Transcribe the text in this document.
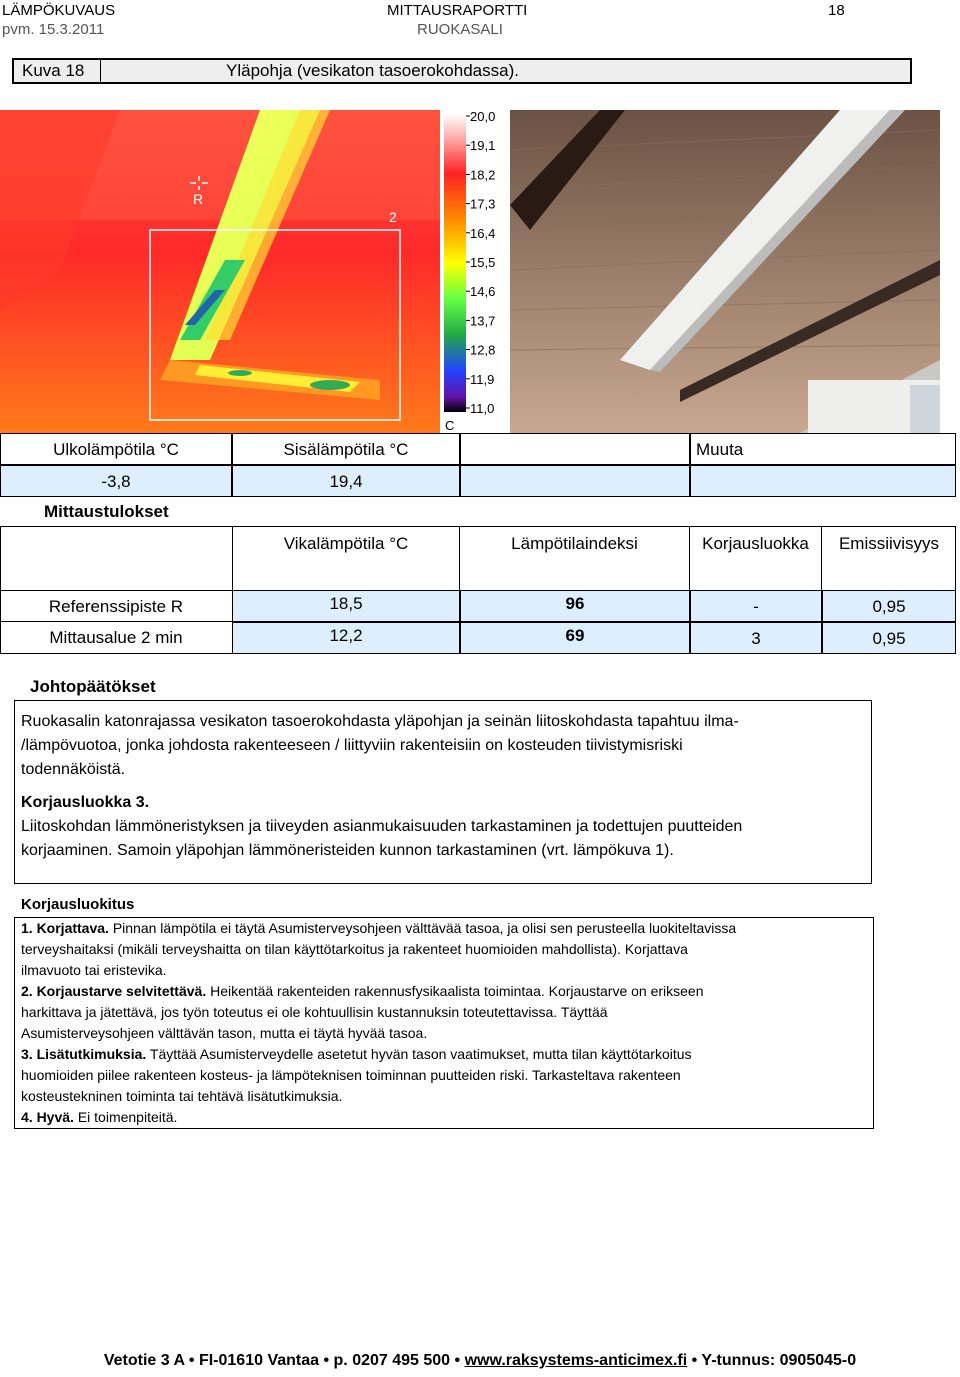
LÄMPÖKUVAUS	MITTAUSRAPORTTI	18
pvm. 15.3.2011	RUOKASALI
Kuva 18	Yläpohja (vesikaton tasoerokohdassa).
R
2
20,0
19,1
18,2
17,3
16,4
15,5
14,6
13,7
12,8
11,9
11,0
C
Ulkolämpötila °C	Sisälämpötila °C	Muuta
-3,8	19,4
Mittaustulokset
Vikalämpötila °C	Lämpötilaindeksi	Korjausluokka	Emissiivisyys
Referenssipiste R	18,5	96	-	0,95
Mittausalue 2 min	12,2	69	3	0,95
Johtopäätökset
Ruokasalin katonrajassa vesikaton tasoerokohdasta yläpohjan ja seinän liitoskohdasta tapahtuu ilma-
/lämpövuotoa, jonka johdosta rakenteeseen / liittyviin rakenteisiin on kosteuden tiivistymisriski
todennäköistä.
Korjausluokka 3.
Liitoskohdan lämmöneristyksen ja tiiveyden asianmukaisuuden tarkastaminen ja todettujen puutteiden
korjaaminen. Samoin yläpohjan lämmöneristeiden kunnon tarkastaminen (vrt. lämpökuva 1).
Korjausluokitus
1. Korjattava. Pinnan lämpötila ei täytä Asumisterveysohjeen välttävää tasoa, ja olisi sen perusteella luokiteltavissa
terveyshaitaksi (mikäli terveyshaitta on tilan käyttötarkoitus ja rakenteet huomioiden mahdollista). Korjattava
ilmavuoto tai eristevika.
2. Korjaustarve selvitettävä. Heikentää rakenteiden rakennusfysikaalista toimintaa. Korjaustarve on erikseen
harkittava ja jätettävä, jos työn toteutus ei ole kohtuullisin kustannuksin toteutettavissa. Täyttää
Asumisterveysohjeen välttävän tason, mutta ei täytä hyvää tasoa.
3. Lisätutkimuksia. Täyttää Asumisterveydelle asetetut hyvän tason vaatimukset, mutta tilan käyttötarkoitus
huomioiden piilee rakenteen kosteus- ja lämpöteknisen toiminnan puutteiden riski. Tarkasteltava rakenteen
kosteustekninen toiminta tai tehtävä lisätutkimuksia.
4. Hyvä. Ei toimenpiteitä.
Vetotie 3 A • FI-01610 Vantaa • p. 0207 495 500 • www.raksystems-anticimex.fi • Y-tunnus: 0905045-0
